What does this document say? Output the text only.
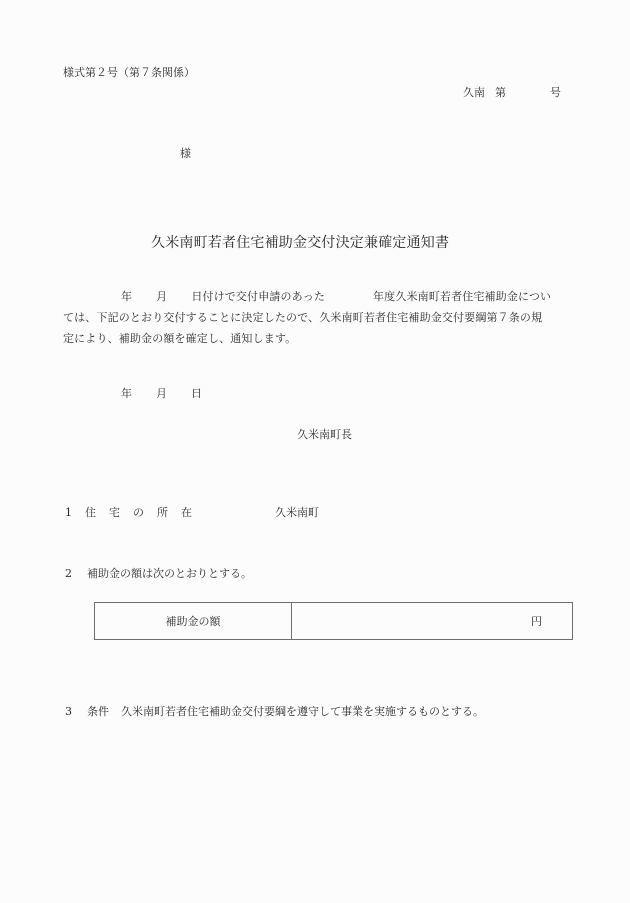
様式第２号（第７条関係）
久南 第	号
様
久米南町若者住宅補助金交付決定兼確定通知書
年 月 日付けで交付申請のあった	年度久米南町若者住宅補助金につい
ては、下記のとおり交付することに決定したので、久米南町若者住宅補助金交付要綱第７条の規
定により、補助金の額を確定し、通知します。
年 月 日
久米南町長
1 住 宅 の 所 在	久米南町
2 補助金の額は次のとおりとする。
補助金の額	円
3 条件 久米南町若者住宅補助金交付要綱を遵守して事業を実施するものとする。
